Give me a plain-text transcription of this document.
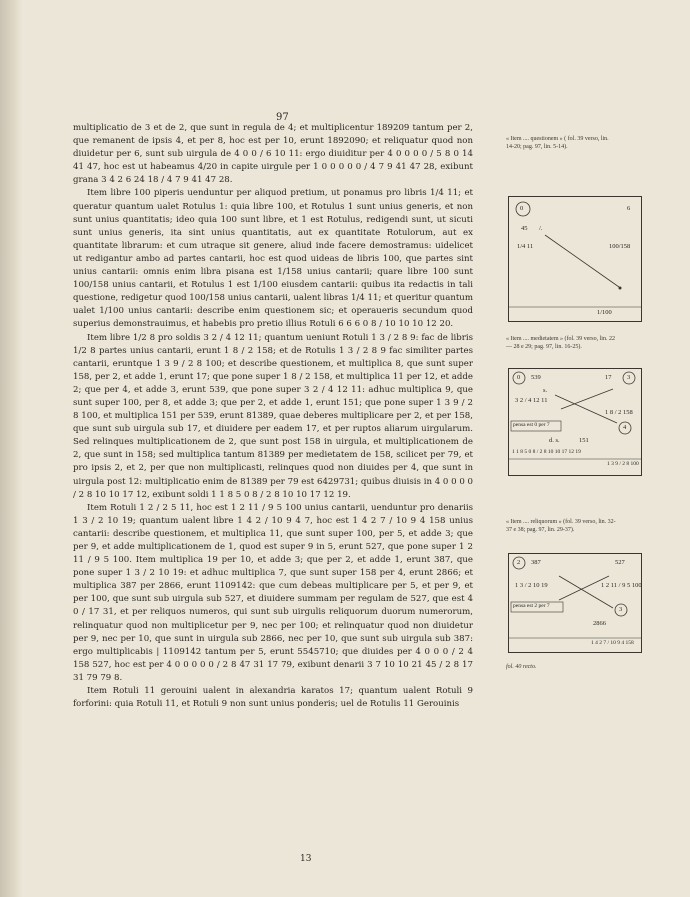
97

multiplicatio de 3 et de 2, que sunt in regula de 4; et multiplicentur 189209 tantum per 2, que remanent de ipsis 4, et per 8, hoc est per 10, erunt 1892090; et reliquatur quod non diuidetur per 6, sunt sub uirgula de 4 0 0 / 6 10 11: ergo diuiditur per 4 0 0 0 0 / 5 8 0 14 41 47, hoc est ut habeamus 4/20 in capite uirgule per 1 0 0 0 0 0 / 4 7 9 41 47 28, exibunt grana 3 4 2 6 24 18 / 4 7 9 41 47 28.

Item libre 100 piperis uenduntur per aliquod pretium, ut ponamus pro libris 1/4 11; et queratur quantum ualet Rotulus 1: quia libre 100, et Rotulus 1 sunt unius generis, et non sunt unius quantitatis; ideo quia 100 sunt libre, et 1 est Rotulus, redigendi sunt, ut sicuti sunt unius generis, ita sint unius quantitatis, aut ex quantitate Rotulorum, aut ex quantitate librarum: et cum utraque sit genere, aliud inde facere demostramus: uidelicet ut redigantur ambo ad partes cantarii, hoc est quod uideas de libris 100, que partes sint unius cantarii: omnis enim libra pisana est 1/158 unius cantarii; quare libre 100 sunt 100/158 unius cantarii, et Rotulus 1 est 1/100 eiusdem cantarii: quibus ita redactis in tali questione, redigetur quod 100/158 unius cantarii, ualent libras 1/4 11; et queritur quantum ualet 1/100 unius cantarii: describe enim questionem sic; et operaueris secundum quod superius demonstrauimus, et habebis pro pretio illius Rotuli 6 6 6 0 8 / 10 10 10 12 20.

Item libre 1/2 8 pro soldis 3 2 / 4 12 11; quantum ueniunt Rotuli 1 3 / 2 8 9: fac de libris 1/2 8 partes unius cantarii, erunt 1 8 / 2 158; et de Rotulis 1 3 / 2 8 9 fac similiter partes cantarii, eruntque 1 3 9 / 2 8 100; et describe questionem, et multiplica 8, que sunt super 158, per 2, et adde 1, erunt 17; que pone super 1 8 / 2 158, et multiplica 11 per 12, et adde 2; que per 4, et adde 3, erunt 539, que pone super 3 2 / 4 12 11: adhuc multiplica 9, que sunt super 100, per 8, et adde 3; que per 2, et adde 1, erunt 151; que pone super 1 3 9 / 2 8 100, et multiplica 151 per 539, erunt 81389, quae deberes multiplicare per 2, et per 158, que sunt sub uirgula sub 17, et diuidere per eadem 17, et per ruptos aliarum uirgularum. Sed relinques multiplicationem de 2, que sunt post 158 in uirgula, et multiplicationem de 2, que sunt in 158; sed multiplica tantum 81389 per medietatem de 158, scilicet per 79, et pro ipsis 2, et 2, per que non multiplicasti, relinques quod non diuides per 4, que sunt in uirgula post 12: multiplicatio enim de 81389 per 79 est 6429731; quibus diuisis in 4 0 0 0 0 / 2 8 10 10 17 12, exibunt soldi 1 1 8 5 0 8 / 2 8 10 10 17 12 19.

Item Rotuli 1 2 / 2 5 11, hoc est 1 2 11 / 9 5 100 unius cantarii, uenduntur pro denariis 1 3 / 2 10 19; quantum ualent libre 1 4 2 / 10 9 4 7, hoc est 1 4 2 7 / 10 9 4 158 unius cantarii: describe questionem, et multiplica 11, que sunt super 100, per 5, et adde 3; que per 9, et adde multiplicationem de 1, quod est super 9 in 5, erunt 527, que pone super 1 2 11 / 9 5 100. Item multiplica 19 per 10, et adde 3; que per 2, et adde 1, erunt 387, que pone super 1 3 / 2 10 19: et adhuc multiplica 7, que sunt super 158 per 4, erunt 2866; et multiplica 387 per 2866, erunt 1109142: que cum debeas multiplicare per 5, et per 9, et per 100, que sunt sub uirgula sub 527, et diuidere summam per regulam de 527, que est 4 0 / 17 31, et per reliquos numeros, qui sunt sub uirgulis reliquorum duorum numerorum, relinquatur quod non multiplicetur per 9, nec per 100; et relinquatur quod non diuidetur per 9, nec per 10, que sunt in uirgula sub 2866, nec per 10, que sunt sub uirgula sub 387: ergo multiplicabis | 1109142 tantum per 5, erunt 5545710; que diuides per 4 0 0 0 / 2 4 158 527, hoc est per 4 0 0 0 0 0 / 2 8 47 31 17 79, exibunt denarii 3 7 10 10 21 45 / 2 8 17 31 79 79 8.

Item Rotuli 11 gerouini ualent in alexandria karatos 17; quantum ualent Rotuli 9 forforini: quia Rotuli 11, et Rotuli 9 non sunt unius ponderis; uel de Rotulis 11 Gerouinis

13
« Item .... questionem » ( fol. 39 verso, lin. 14-20; pag. 97, lin. 5-14).
« Item .... medietatem » (fol. 39 verso, lin. 22 — 28 e 29; pag. 97, lin. 16-25).
« Item .... reliquorum » (fol. 39 verso, lin. 32-37 e 38; pag. 97, lin. 29-37).
fol. 40 recto.
0	6
45 /.
1/4 11	100/158
1/100
0 539	17 3
s.
3 2 / 4 12 11
1 8 / 2 158
pensa est 0 per 7	4
d. s.	151
1 1 8 5 0 8 / 2 8 10 10 17 12 19
1 3 9 / 2 8 100
2 387	527
1 3 / 2 10 19	1 2 11 / 9 5 100
pensa est 2 per 7	3
2866
1 4 2 7 / 10 9 4 158
